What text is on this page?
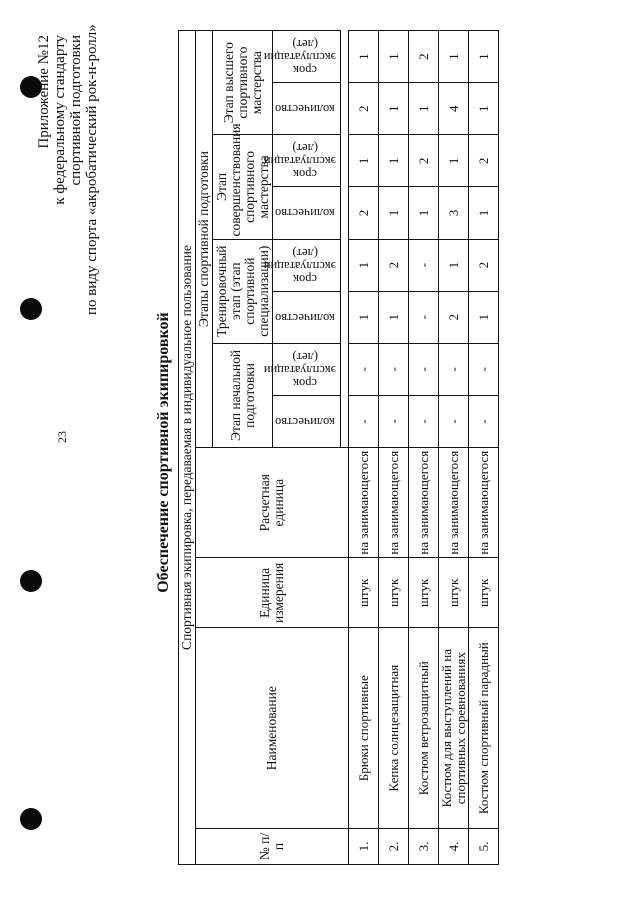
Приложение №12 к федеральному стандарту спортивной подготовки по виду спорта «акробатический рок-н-ролл»
23	Обеспечение спортивной экипировкой Спортивная экипировка, передаваемая в индивидуальное пользование											
№ п/п	Наименование	Единица измерения	Расчетная единица	Этапы спортивной подготовки							
				Этап начальной подготовки		Тренировочный этап (этап спортивной специализации)		Этап совершенствования спортивного мастерства		Этап высшего спортивного мастерства	
				количество	срок эксплуатации (лет)	количество	срок эксплуатации (лет)	количество	срок эксплуатации (лет)	количество	срок эксплуатации (лет)

1.	Брюки спортивные	штук	на занимающегося	-	-	1	1	2	1	2	1
2.	Кепка солнцезащитная	штук	на занимающегося	-	-	1	2	1	1	1	1
3.	Костюм ветрозащитный	штук	на занимающегося	-	-	-	-	1	2	1	2
4.	Костюм для выступлений на спортивных соревнованиях	штук	на занимающегося	-	-	2	1	3	1	4	1
5.	Костюм спортивный парадный	штук	на занимающегося	-	-	1	2	1	2	1	1
